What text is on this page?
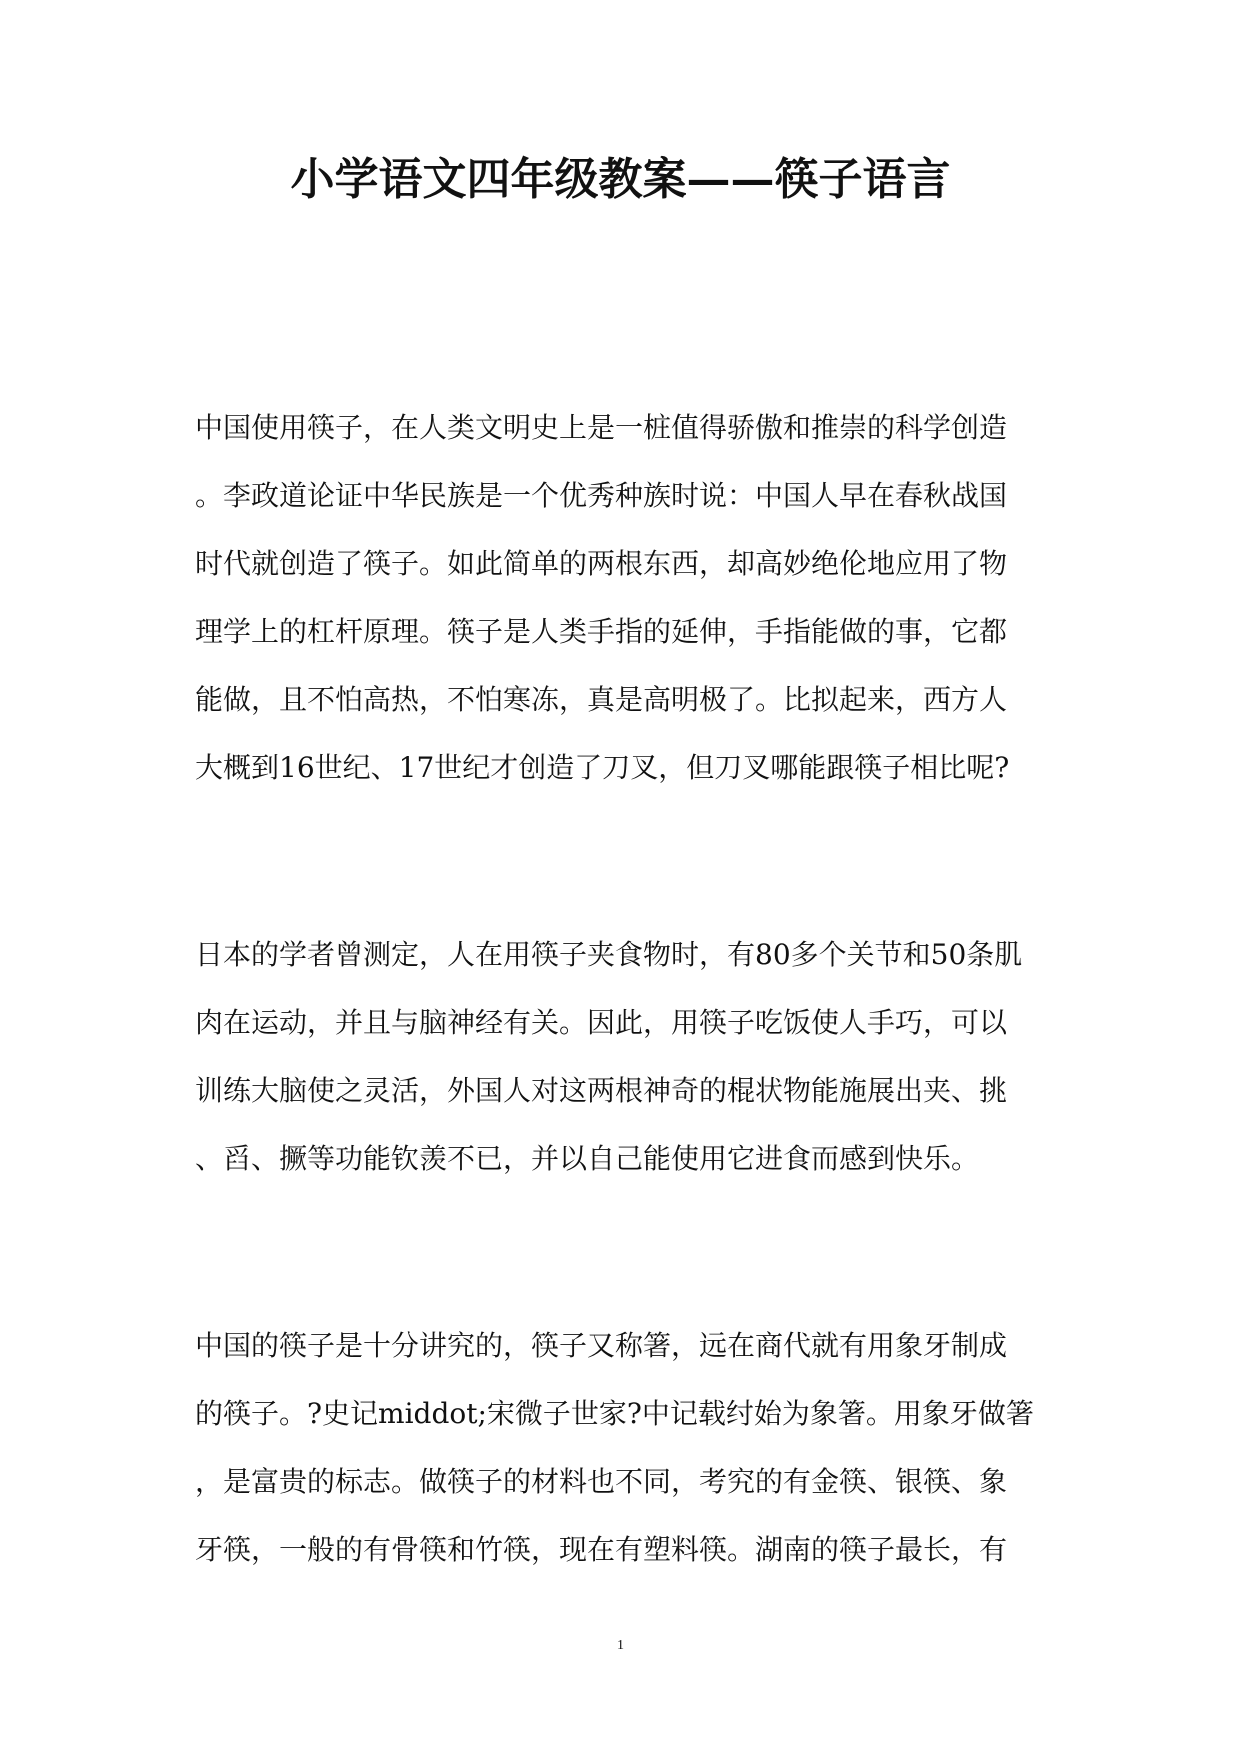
小学语文四年级教案——筷子语言
中国使用筷子，在人类文明史上是一桩值得骄傲和推崇的科学创造
。李政道论证中华民族是一个优秀种族时说：中国人早在春秋战国
时代就创造了筷子。如此简单的两根东西，却高妙绝伦地应用了物
理学上的杠杆原理。筷子是人类手指的延伸，手指能做的事，它都
能做，且不怕高热，不怕寒冻，真是高明极了。比拟起来，西方人
大概到16世纪、17世纪才创造了刀叉，但刀叉哪能跟筷子相比呢?
日本的学者曾测定，人在用筷子夹食物时，有80多个关节和50条肌
肉在运动，并且与脑神经有关。因此，用筷子吃饭使人手巧，可以
训练大脑使之灵活，外国人对这两根神奇的棍状物能施展出夹、挑
、舀、撅等功能钦羡不已，并以自己能使用它进食而感到快乐。
中国的筷子是十分讲究的，筷子又称箸，远在商代就有用象牙制成
的筷子。?史记middot;宋微子世家?中记载纣始为象箸。用象牙做箸
，是富贵的标志。做筷子的材料也不同，考究的有金筷、银筷、象
牙筷，一般的有骨筷和竹筷，现在有塑料筷。湖南的筷子最长，有
1
